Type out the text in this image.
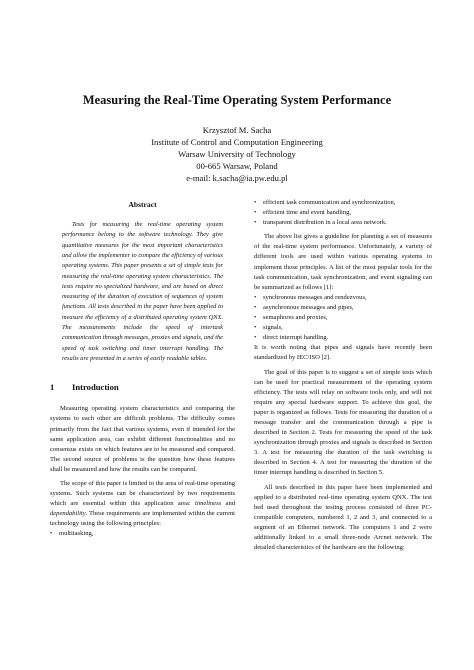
Measuring the Real-Time Operating System Performance
Krzysztof M. Sacha
Institute of Control and Computation Engineering
Warsaw University of Technology
00-665 Warsaw, Poland
e-mail: k.sacha@ia.pw.edu.pl
Abstract

Tests for measuring the real-time operating system performance belong to the software technology. They give quantitative measures for the most important characteristics and allow the implementer to compare the efficiency of various operating systems. This paper presents a set of simple tests for measuring the real-time operating system characteristics. The tests require no specialized hardware, and are based on direct measuring of the duration of execution of sequences of system functions. All tests described in the paper have been applied to measure the efficiency of a distributed operating system QNX. The measurements include the speed of intertask communication through messages, proxies and signals, and the speed of task switching and timer interrupt handling. The results are presented in a series of easily readable tables.

1 Introduction

Measuring operating system characteristics and comparing the systems to each other are difficult problems. The difficulty comes primarily from the fact that various systems, even if intended for the same application area, can exhibit different functionalities and no consensus exists on which features are to be measured and compared. The second source of problems is the question how these features shall be measured and how the results can be compared.

The scope of this paper is limited to the area of real-time operating systems. Such systems can be characterized by two requirements which are essential within this application area: timeliness and dependability. These requirements are implemented within the current technology using the following principles:

• multitasking,
• efficient task communication and synchronization,
• efficient time and event handling,
• transparent distribution in a local area network.

The above list gives a guideline for planning a set of measures of the real-time system performance. Unfortunately, a variety of different tools are used within various operating systems to implement those principles. A list of the most popular tools for the task communication, task synchronization, and event signaling can be summarized as follows [1]:

• synchronous messages and rendezvous,
• asynchronous messages and pipes,
• semaphores and proxies,
• signals,
• direct interrupt handling.

It is worth noting that pipes and signals have recently been standardized by IEC/ISO [2].

The goal of this paper is to suggest a set of simple tests which can be used for practical measurement of the operating system efficiency. The tests will relay on software tools only, and will not require any special hardware support. To achieve this goal, the paper is organized as follows. Tests for measuring the duration of a message transfer and the communication through a pipe is described in Section 2. Tests for measuring the speed of the task synchronization through proxies and signals is described in Section 3. A test for measuring the duration of the task switching is described in Section 4. A test for measuring the duration of the timer interrupt handling is described in Section 5.

All tests described in this paper have been implemented and applied to a distributed real-time operating system QNX. The test bed used throughout the testing process consisted of three PC-compatible computers, numbered 1, 2 and 3, and connected to a segment of an Ethernet network. The computers 1 and 2 were additionally linked to a small three-node Arcnet network. The detailed characteristics of the hardware are the following:
